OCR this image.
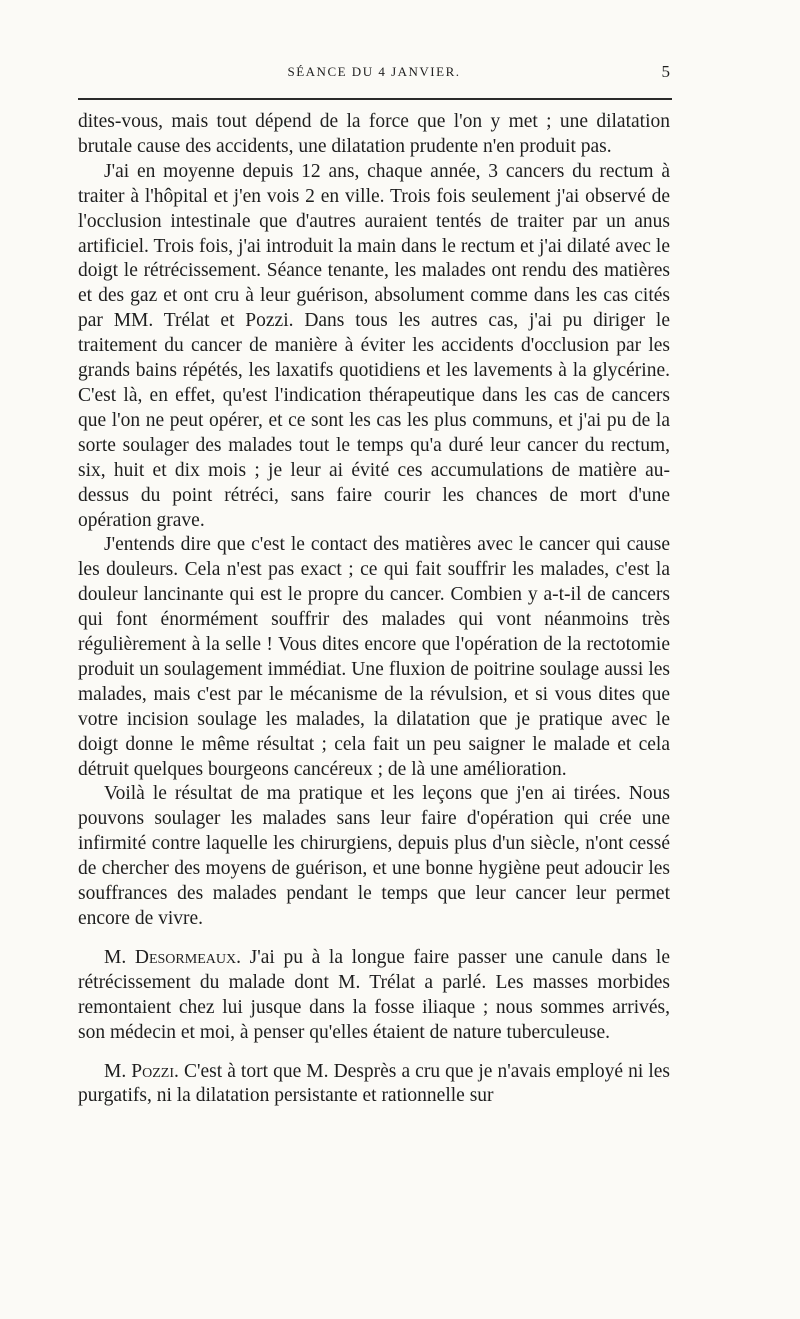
SÉANCE DU 4 JANVIER.	5

dites-vous, mais tout dépend de la force que l'on y met ; une dilatation brutale cause des accidents, une dilatation prudente n'en produit pas.

J'ai en moyenne depuis 12 ans, chaque année, 3 cancers du rectum à traiter à l'hôpital et j'en vois 2 en ville. Trois fois seulement j'ai observé de l'occlusion intestinale que d'autres auraient tentés de traiter par un anus artificiel. Trois fois, j'ai introduit la main dans le rectum et j'ai dilaté avec le doigt le rétrécissement. Séance tenante, les malades ont rendu des matières et des gaz et ont cru à leur guérison, absolument comme dans les cas cités par MM. Trélat et Pozzi. Dans tous les autres cas, j'ai pu diriger le traitement du cancer de manière à éviter les accidents d'occlusion par les grands bains répétés, les laxatifs quotidiens et les lavements à la glycérine. C'est là, en effet, qu'est l'indication thérapeutique dans les cas de cancers que l'on ne peut opérer, et ce sont les cas les plus communs, et j'ai pu de la sorte soulager des malades tout le temps qu'a duré leur cancer du rectum, six, huit et dix mois ; je leur ai évité ces accumulations de matière au-dessus du point rétréci, sans faire courir les chances de mort d'une opération grave.

J'entends dire que c'est le contact des matières avec le cancer qui cause les douleurs. Cela n'est pas exact ; ce qui fait souffrir les malades, c'est la douleur lancinante qui est le propre du cancer. Combien y a-t-il de cancers qui font énormément souffrir des malades qui vont néanmoins très régulièrement à la selle ! Vous dites encore que l'opération de la rectotomie produit un soulagement immédiat. Une fluxion de poitrine soulage aussi les malades, mais c'est par le mécanisme de la révulsion, et si vous dites que votre incision soulage les malades, la dilatation que je pratique avec le doigt donne le même résultat ; cela fait un peu saigner le malade et cela détruit quelques bourgeons cancéreux ; de là une amélioration.

Voilà le résultat de ma pratique et les leçons que j'en ai tirées. Nous pouvons soulager les malades sans leur faire d'opération qui crée une infirmité contre laquelle les chirurgiens, depuis plus d'un siècle, n'ont cessé de chercher des moyens de guérison, et une bonne hygiène peut adoucir les souffrances des malades pendant le temps que leur cancer leur permet encore de vivre.

M. Desormeaux. J'ai pu à la longue faire passer une canule dans le rétrécissement du malade dont M. Trélat a parlé. Les masses morbides remontaient chez lui jusque dans la fosse iliaque ; nous sommes arrivés, son médecin et moi, à penser qu'elles étaient de nature tuberculeuse.

M. Pozzi. C'est à tort que M. Desprès a cru que je n'avais employé ni les purgatifs, ni la dilatation persistante et rationnelle sur
